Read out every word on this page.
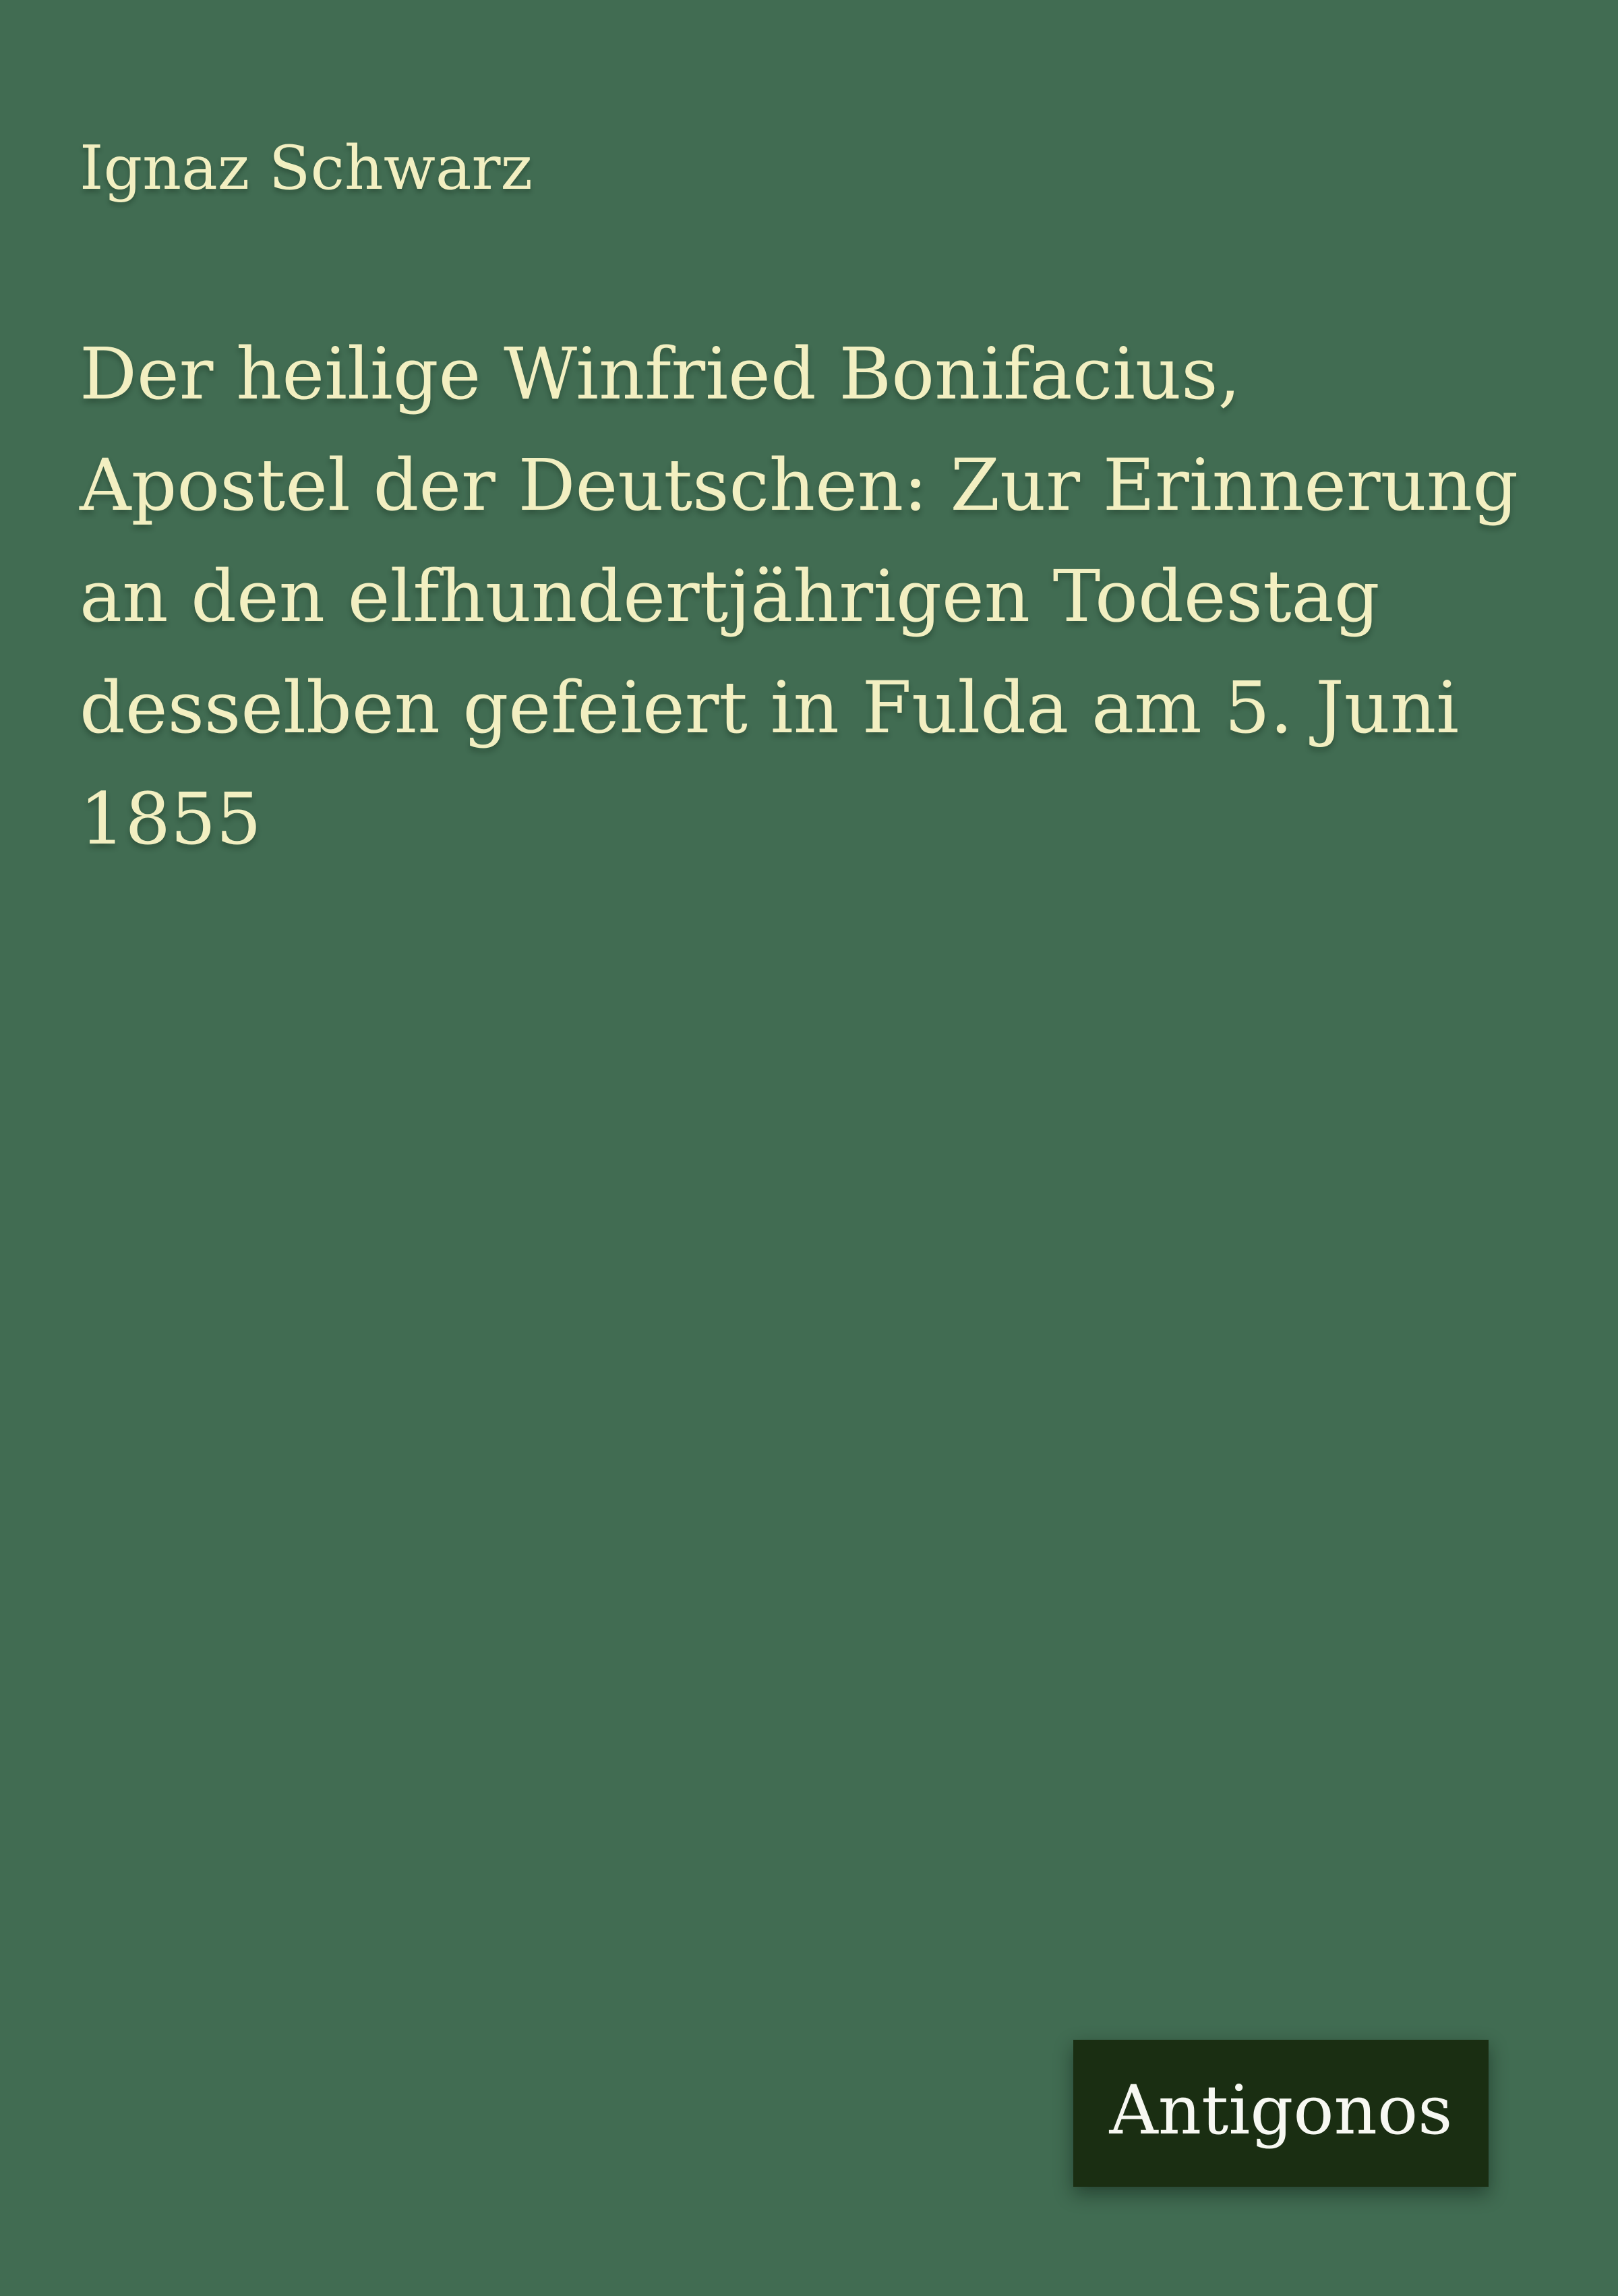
Ignaz Schwarz
Der heilige Winfried Bonifacius,
Apostel der Deutschen: Zur Erinnerung
an den elfhundertjährigen Todestag
desselben gefeiert in Fulda am 5. Juni
1855
Antigonos
